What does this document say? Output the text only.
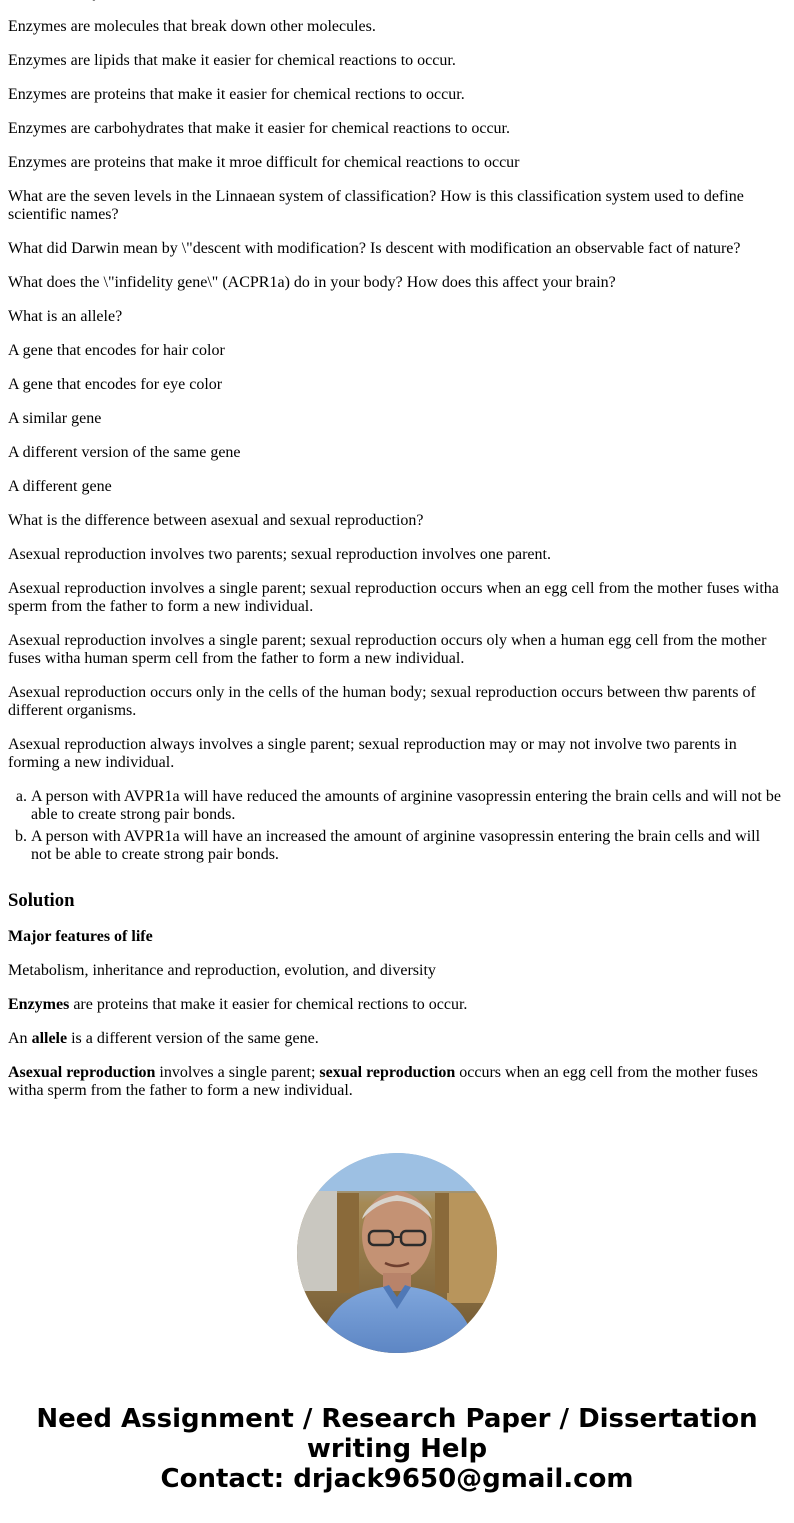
Enzymes are molecules that break down other molecules.

Enzymes are lipids that make it easier for chemical reactions to occur.

Enzymes are proteins that make it easier for chemical rections to occur.

Enzymes are carbohydrates that make it easier for chemical reactions to occur.

Enzymes are proteins that make it mroe difficult for chemical reactions to occur

What are the seven levels in the Linnaean system of classification? How is this classification system used to define scientific names?

What did Darwin mean by \"descent with modification? Is descent with modification an observable fact of nature?

What does the \"infidelity gene\" (ACPR1a) do in your body? How does this affect your brain?

What is an allele?

A gene that encodes for hair color

A gene that encodes for eye color

A similar gene

A different version of the same gene

A different gene

What is the difference between asexual and sexual reproduction?

Asexual reproduction involves two parents; sexual reproduction involves one parent.

Asexual reproduction involves a single parent; sexual reproduction occurs when an egg cell from the mother fuses witha sperm from the father to form a new individual.

Asexual reproduction involves a single parent; sexual reproduction occurs oly when a human egg cell from the mother fuses witha human sperm cell from the father to form a new individual.

Asexual reproduction occurs only in the cells of the human body; sexual reproduction occurs between thw parents of different organisms.

Asexual reproduction always involves a single parent; sexual reproduction may or may not involve two parents in forming a new individual.

a. A person with AVPR1a will have reduced the amounts of arginine vasopressin entering the brain cells and will not be able to create strong pair bonds.
b. A person with AVPR1a will have an increased the amount of arginine vasopressin entering the brain cells and will not be able to create strong pair bonds.
Solution

Major features of life

Metabolism, inheritance and reproduction, evolution, and diversity

Enzymes are proteins that make it easier for chemical rections to occur.

An allele is a different version of the same gene.

Asexual reproduction involves a single parent; sexual reproduction occurs when an egg cell from the mother fuses witha sperm from the father to form a new individual.

Need Assignment / Research Paper / Dissertation writing Help
Contact: drjack9650@gmail.com
